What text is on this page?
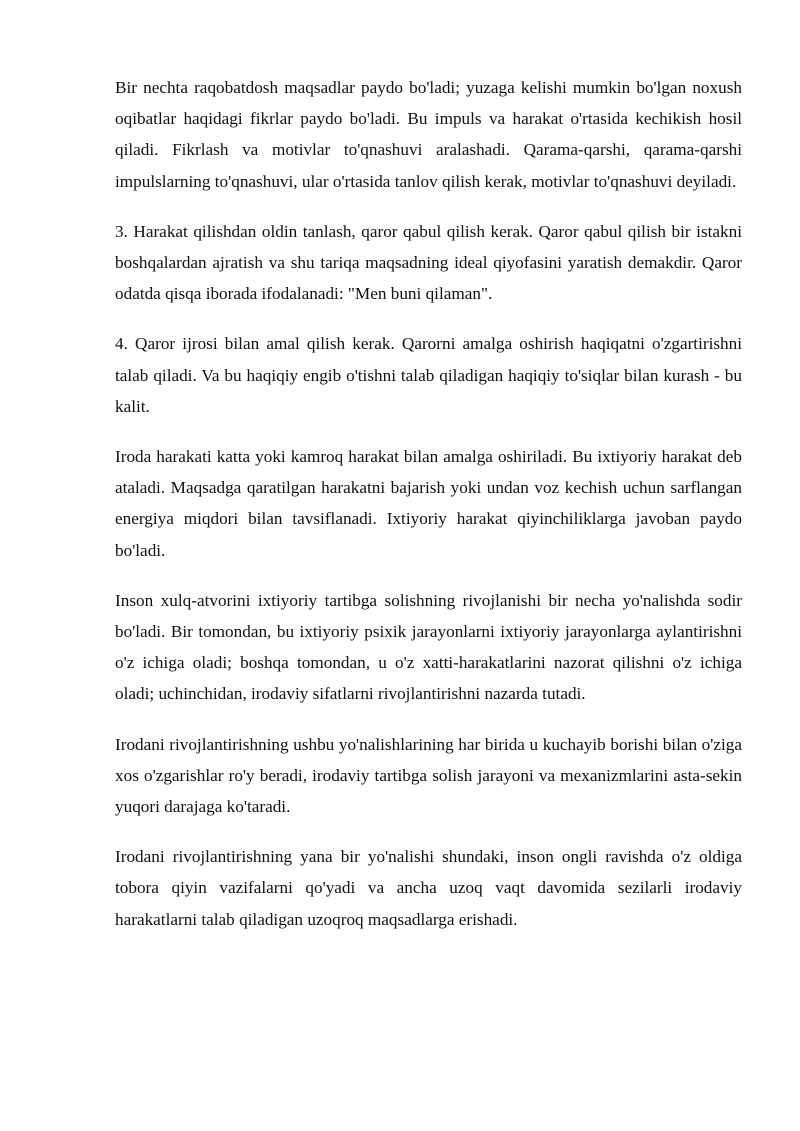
Bir nechta raqobatdosh maqsadlar paydo bo'ladi; yuzaga kelishi mumkin bo'lgan noxush oqibatlar haqidagi fikrlar paydo bo'ladi. Bu impuls va harakat o'rtasida kechikish hosil qiladi. Fikrlash va motivlar to'qnashuvi aralashadi. Qarama-qarshi, qarama-qarshi impulslarning to'qnashuvi, ular o'rtasida tanlov qilish kerak, motivlar to'qnashuvi deyiladi.

3. Harakat qilishdan oldin tanlash, qaror qabul qilish kerak. Qaror qabul qilish bir istakni boshqalardan ajratish va shu tariqa maqsadning ideal qiyofasini yaratish demakdir. Qaror odatda qisqa iborada ifodalanadi: "Men buni qilaman".

4. Qaror ijrosi bilan amal qilish kerak. Qarorni amalga oshirish haqiqatni o'zgartirishni talab qiladi. Va bu haqiqiy engib o'tishni talab qiladigan haqiqiy to'siqlar bilan kurash - bu kalit.

Iroda harakati katta yoki kamroq harakat bilan amalga oshiriladi. Bu ixtiyoriy harakat deb ataladi. Maqsadga qaratilgan harakatni bajarish yoki undan voz kechish uchun sarflangan energiya miqdori bilan tavsiflanadi. Ixtiyoriy harakat qiyinchiliklarga javoban paydo bo'ladi.

Inson xulq-atvorini ixtiyoriy tartibga solishning rivojlanishi bir necha yo'nalishda sodir bo'ladi. Bir tomondan, bu ixtiyoriy psixik jarayonlarni ixtiyoriy jarayonlarga aylantirishni o'z ichiga oladi; boshqa tomondan, u o'z xatti-harakatlarini nazorat qilishni o'z ichiga oladi; uchinchidan, irodaviy sifatlarni rivojlantirishni nazarda tutadi.

Irodani rivojlantirishning ushbu yo'nalishlarining har birida u kuchayib borishi bilan o'ziga xos o'zgarishlar ro'y beradi, irodaviy tartibga solish jarayoni va mexanizmlarini asta-sekin yuqori darajaga ko'taradi.

Irodani rivojlantirishning yana bir yo'nalishi shundaki, inson ongli ravishda o'z oldiga tobora qiyin vazifalarni qo'yadi va ancha uzoq vaqt davomida sezilarli irodaviy harakatlarni talab qiladigan uzoqroq maqsadlarga erishadi.
